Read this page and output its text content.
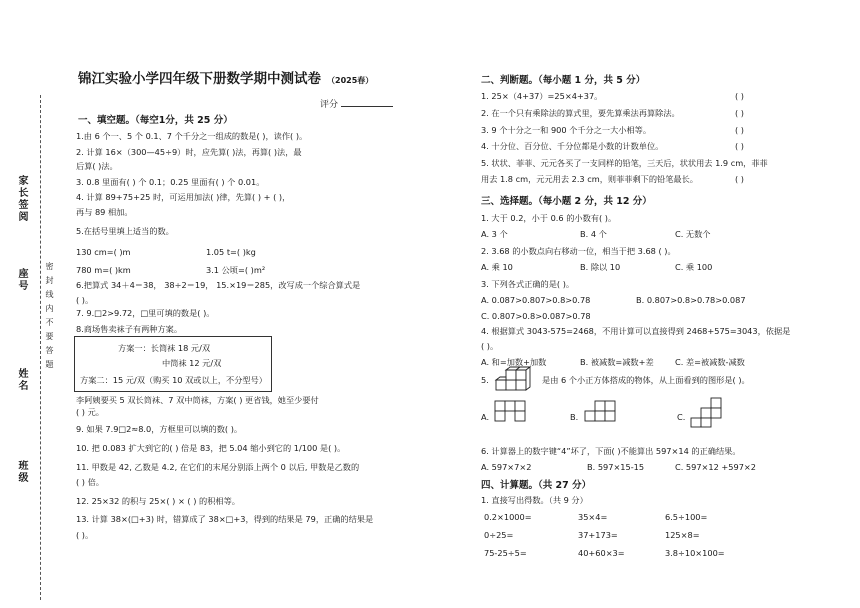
家长签阅
座号
姓名
班级
密封线内不要答题
锦江实验小学四年级下册数学期中测试卷 （2025春）
评分
一、填空题。（每空1分，共 25 分）
1.由 6 个一、5 个 0.1、7 个千分之一组成的数是( )，读作( )。
2. 计算 16×（300—45÷9）时，应先算( )法，再算( )法，最
后算( )法。
3. 0.8 里面有( ) 个 0.1；0.25 里面有( ) 个 0.01。
4. 计算 89+75+25 时，可运用加法( )律，先算( ) + ( )，
再与 89 相加。
5.在括号里填上适当的数。
130 cm=( )m	1.05 t=( )kg
780 m=( )km	3.1 公顷=( )m²
6.把算式 34＋4＝38， 38÷2＝19， 15.×19＝285，改写成一个综合算式是
( )。
7. 9.□2>9.72，□里可填的数是( )。
8.商场售卖袜子有两种方案。
方案一：长筒袜 18 元/双
中筒袜 12 元/双
方案二：15 元/双（购买 10 双或以上，不分型号）
李阿姨要买 5 双长筒袜、7 双中筒袜，方案( ) 更省钱，她至少要付
( ) 元。
9. 如果 7.9□2≈8.0，方框里可以填的数( )。
10. 把 0.083 扩大到它的( ) 倍是 83，把 5.04 缩小到它的 1/100 是( )。
11. 甲数是 42, 乙数是 4.2, 在它们的末尾分别添上两个 0 以后, 甲数是乙数的
( ) 倍。
12. 25×32 的积与 25×( ) × ( ) 的积相等。
13. 计算 38×(□+3) 时，错算成了 38×□+3，得到的结果是 79，正确的结果是
( )。
二、判断题。（每小题 1 分，共 5 分）
1. 25×（4+37）=25×4+37。	( )
2. 在一个只有乘除法的算式里，要先算乘法再算除法。	( )
3. 9 个十分之一和 900 个千分之一大小相等。	( )
4. 十分位、百分位、千分位都是小数的计数单位。	( )
5. 状状、菲菲、元元各买了一支同样的铅笔，三天后，状状用去 1.9 cm，菲菲
用去 1.8 cm，元元用去 2.3 cm，则菲菲剩下的铅笔最长。	( )
三、选择题。（每小题 2 分，共 12 分）
1. 大于 0.2，小于 0.6 的小数有( )。
A. 3 个	B. 4 个	C. 无数个
2. 3.68 的小数点向右移动一位，相当于把 3.68 ( )。
A. 乘 10	B. 除以 10	C. 乘 100
3. 下列各式正确的是( )。
A. 0.087>0.807>0.8>0.78	B. 0.807>0.8>0.78>0.087
C. 0.807>0.8>0.087>0.78
4. 根据算式 3043-575=2468，不用计算可以直接得到 2468+575=3043，依据是
( )。
A. 和=加数+加数	B. 被减数=减数+差	C. 差=被减数-减数
5.	是由 6 个小正方体搭成的物体，从上面看到的图形是( )。
A.	B.	C.
6. 计算器上的数字键“4”坏了，下面( )不能算出 597×14 的正确结果。
A. 597×7×2	B. 597×15-15	C. 597×12 +597×2
四、计算题。（共 27 分）
1. 直接写出得数。（共 9 分）
0.2×1000=	35×4=	6.5÷100=
0÷25=	37+173=	125×8=
75-25÷5=	40+60×3=	3.8÷10×100=
